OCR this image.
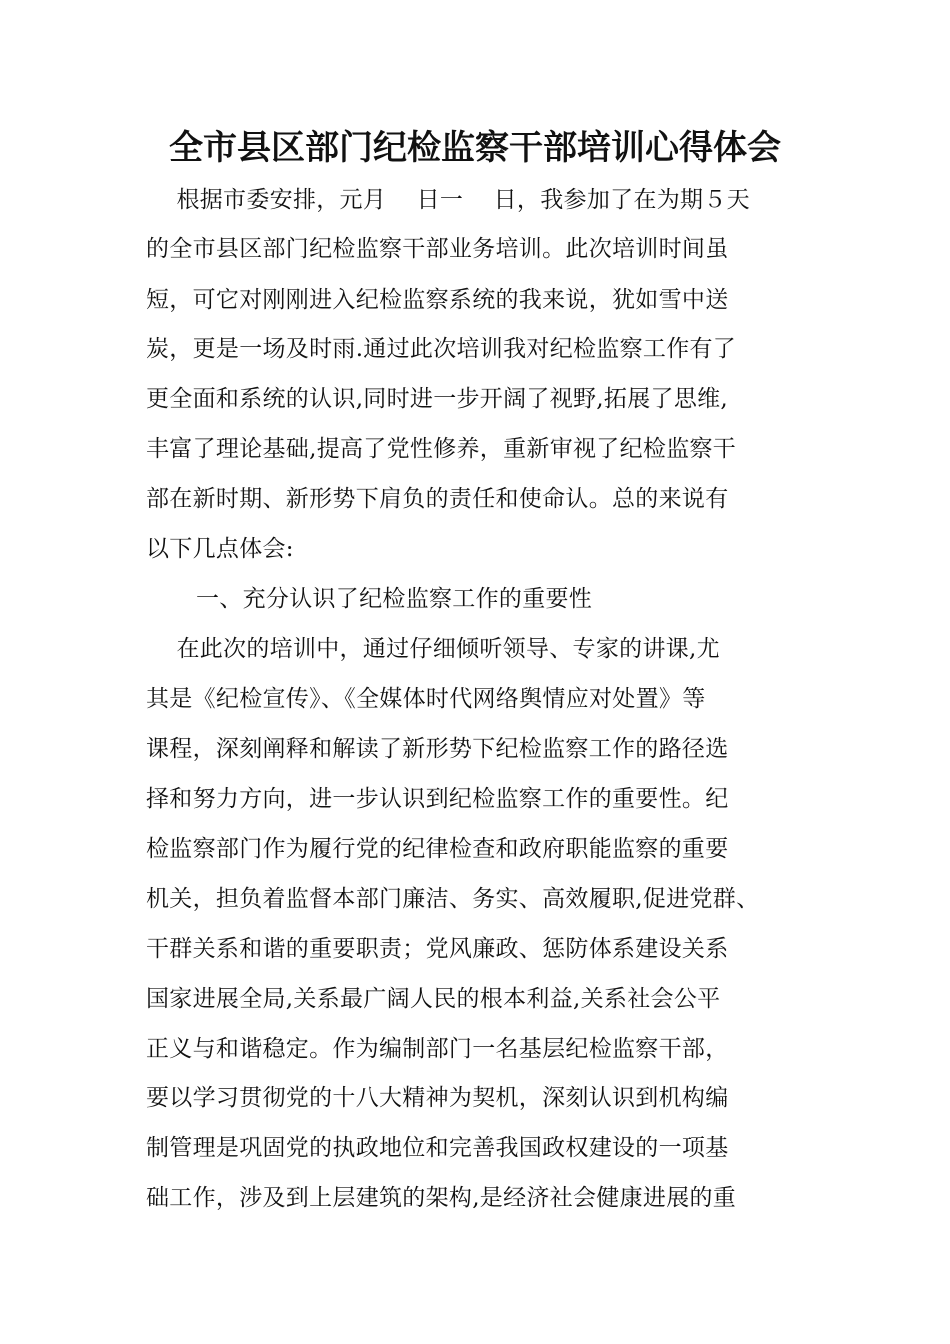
全市县区部门纪检监察干部培训心得体会
根据市委安排，元月    日一    日，我参加了在为期５天
的全市县区部门纪检监察干部业务培训。此次培训时间虽
短，可它对刚刚进入纪检监察系统的我来说，犹如雪中送
炭，更是一场及时雨.通过此次培训我对纪检监察工作有了
更全面和系统的认识,同时进一步开阔了视野,拓展了思维,
丰富了理论基础,提高了党性修养，重新审视了纪检监察干
部在新时期、新形势下肩负的责任和使命认。总的来说有
以下几点体会:
一、充分认识了纪检监察工作的重要性
在此次的培训中，通过仔细倾听领导、专家的讲课,尤
其是《纪检宣传》、《全媒体时代网络舆情应对处置》等
课程，深刻阐释和解读了新形势下纪检监察工作的路径选
择和努力方向，进一步认识到纪检监察工作的重要性。纪
检监察部门作为履行党的纪律检查和政府职能监察的重要
机关，担负着监督本部门廉洁、务实、高效履职,促进党群、
干群关系和谐的重要职责；党风廉政、惩防体系建设关系
国家进展全局,关系最广阔人民的根本利益,关系社会公平
正义与和谐稳定。作为编制部门一名基层纪检监察干部，
要以学习贯彻党的十八大精神为契机，深刻认识到机构编
制管理是巩固党的执政地位和完善我国政权建设的一项基
础工作，涉及到上层建筑的架构,是经济社会健康进展的重
